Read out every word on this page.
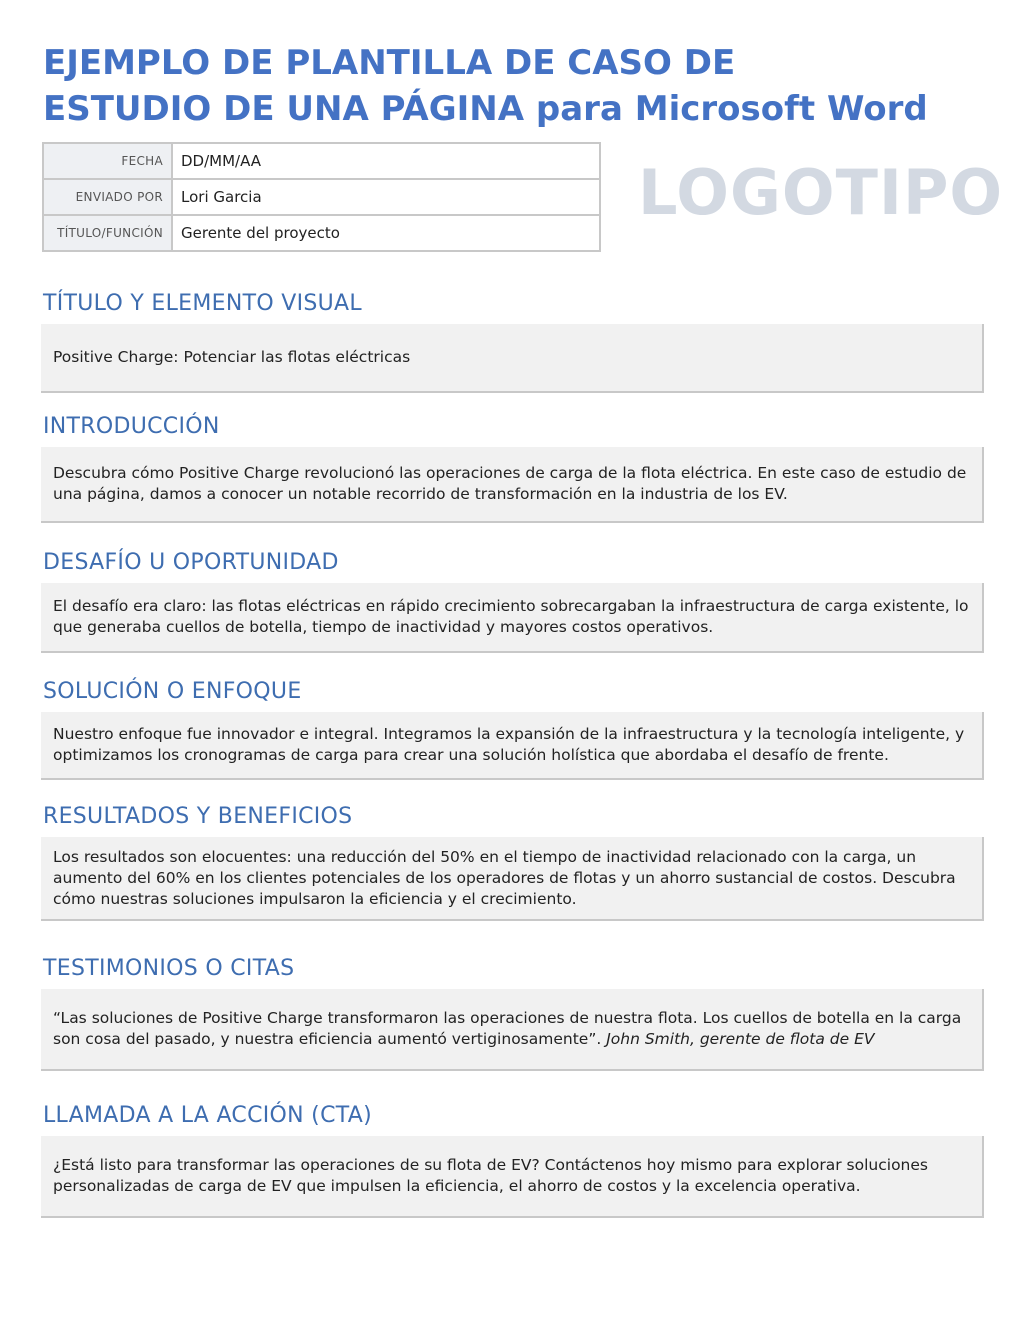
EJEMPLO DE PLANTILLA DE CASO DE
ESTUDIO DE UNA PÁGINA para Microsoft Word
FECHA	DD/MM/AA
ENVIADO POR	Lori Garcia
TÍTULO/FUNCIÓN	Gerente del proyecto
LOGOTIPO
TÍTULO Y ELEMENTO VISUAL

Positive Charge: Potenciar las flotas eléctricas

INTRODUCCIÓN

Descubra cómo Positive Charge revolucionó las operaciones de carga de la flota eléctrica. En este caso de estudio de una página, damos a conocer un notable recorrido de transformación en la industria de los EV.

DESAFÍO U OPORTUNIDAD

El desafío era claro: las flotas eléctricas en rápido crecimiento sobrecargaban la infraestructura de carga existente, lo que generaba cuellos de botella, tiempo de inactividad y mayores costos operativos.

SOLUCIÓN O ENFOQUE

Nuestro enfoque fue innovador e integral. Integramos la expansión de la infraestructura y la tecnología inteligente, y optimizamos los cronogramas de carga para crear una solución holística que abordaba el desafío de frente.

RESULTADOS Y BENEFICIOS

Los resultados son elocuentes: una reducción del 50% en el tiempo de inactividad relacionado con la carga, un aumento del 60% en los clientes potenciales de los operadores de flotas y un ahorro sustancial de costos. Descubra cómo nuestras soluciones impulsaron la eficiencia y el crecimiento.

TESTIMONIOS O CITAS

“Las soluciones de Positive Charge transformaron las operaciones de nuestra flota. Los cuellos de botella en la carga son cosa del pasado, y nuestra eficiencia aumentó vertiginosamente”. John Smith, gerente de flota de EV

LLAMADA A LA ACCIÓN (CTA)

¿Está listo para transformar las operaciones de su flota de EV? Contáctenos hoy mismo para explorar soluciones personalizadas de carga de EV que impulsen la eficiencia, el ahorro de costos y la excelencia operativa.
